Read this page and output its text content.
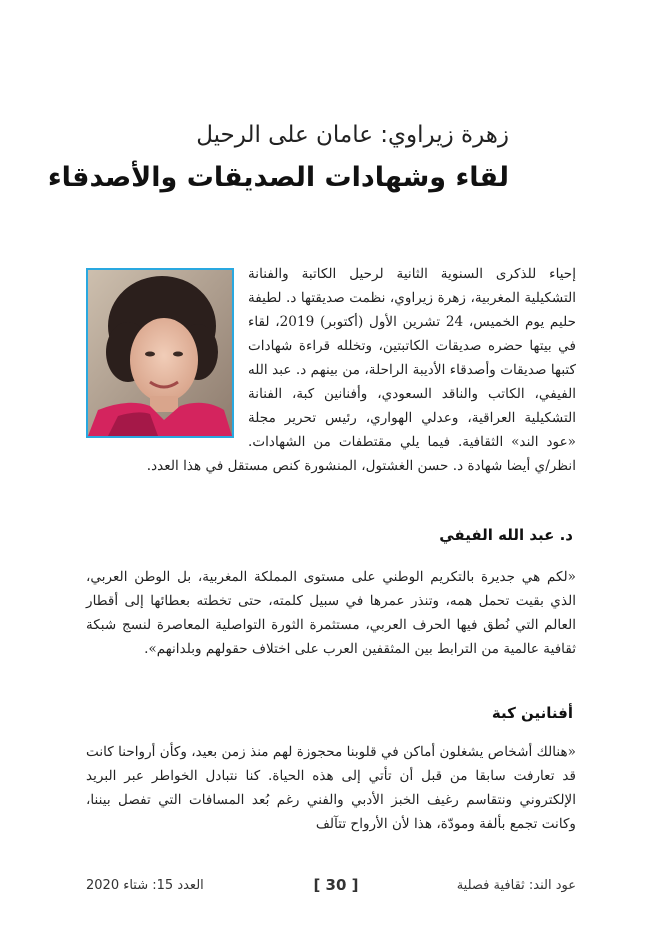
زهرة زيراوي: عامان على الرحيل
لقاء وشهادات الصديقات والأصدقاء
إحياء للذكرى السنوية الثانية لرحيل الكاتبة والفنانة التشكيلية المغربية، زهرة زيراوي، نظمت صديقتها د. لطيفة حليم يوم الخميس، 24 تشرين الأول (أكتوبر) 2019، لقاء في بيتها حضره صديقات الكاتبتين، وتخلله قراءة شهادات كتبها صديقات وأصدقاء الأديبة الراحلة، من بينهم د. عبد الله الفيفي، الكاتب والناقد السعودي، وأفنانين كبة، الفنانة التشكيلية العراقية، وعدلي الهواري، رئيس تحرير مجلة «عود الند» الثقافية. فيما يلي مقتطفات من الشهادات. انظر/ي أيضا شهادة د. حسن الغشتول، المنشورة كنص مستقل في هذا العدد.
د. عبد الله الفيفي
«لكم هي جديرة بالتكريم الوطني على مستوى المملكة المغربية، بل الوطن العربي، الذي بقيت تحمل همه، وتنذر عمرها في سبيل كلمته، حتى تخطته بعطائها إلى أقطار العالم التي نُطق فيها الحرف العربي، مستثمرة الثورة التواصلية المعاصرة لنسج شبكة ثقافية عالمية من الترابط بين المثقفين العرب على اختلاف حقولهم وبلدانهم».
أفنانين كبة
«هنالك أشخاص يشغلون أماكن في قلوبنا محجوزة لهم منذ زمن بعيد، وكأن أرواحنا كانت قد تعارفت سابقا من قبل أن تأتي إلى هذه الحياة. كنا نتبادل الخواطر عبر البريد الإلكتروني ونتقاسم رغيف الخبز الأدبي والفني رغم بُعد المسافات التي تفصل بيننا، وكانت تجمع بألفة ومودّة، هذا لأن الأرواح تتآلف
العدد 15: شتاء 2020	[ 30 ]	عود الند: ثقافية فصلية
